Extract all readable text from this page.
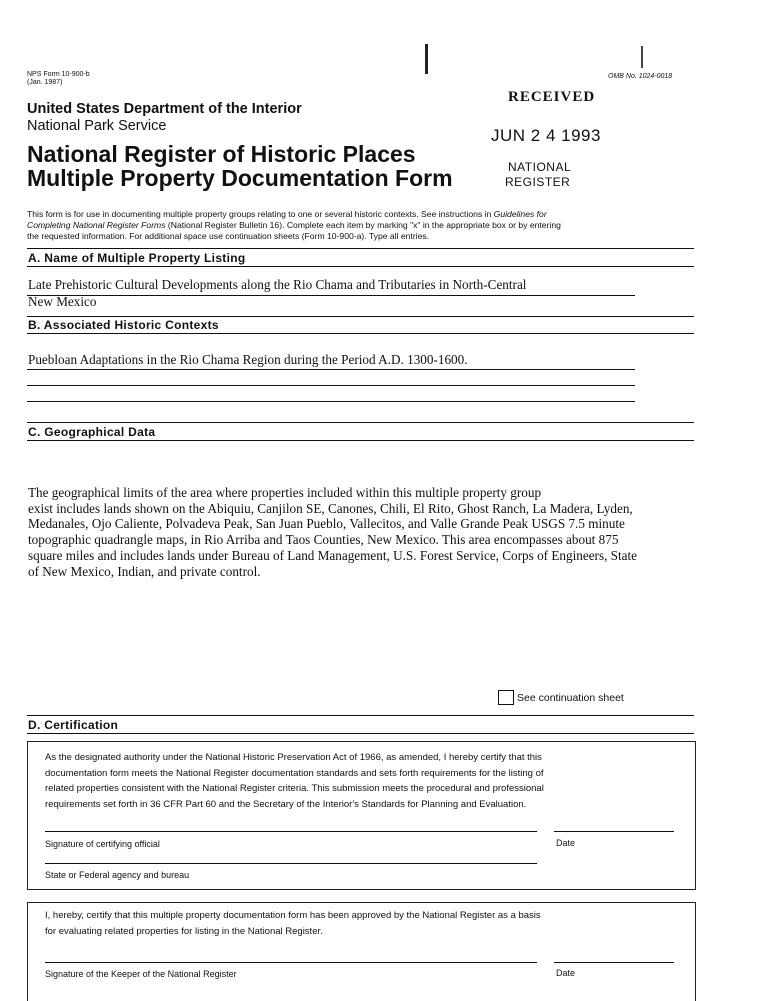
NPS Form 10-900-b
(Jan. 1987)
OMB No. 1024-0018
United States Department of the Interior
National Park Service
National Register of Historic Places
Multiple Property Documentation Form
RECEIVED
JUN 2 4 1993
NATIONAL
REGISTER
This form is for use in documenting multiple property groups relating to one or several historic contexts. See instructions in Guidelines for
Completing National Register Forms (National Register Bulletin 16). Complete each item by marking "x" in the appropriate box or by entering
the requested information. For additional space use continuation sheets (Form 10-900-a). Type all entries.
A. Name of Multiple Property Listing
Late Prehistoric Cultural Developments along the Rio Chama and Tributaries in North-Central
New Mexico
B. Associated Historic Contexts
Puebloan Adaptations in the Rio Chama Region during the Period A.D. 1300-1600.
C. Geographical Data
The geographical limits of the area where properties included within this multiple property group
exist includes lands shown on the Abiquiu, Canjilon SE, Canones, Chili, El Rito, Ghost Ranch, La Madera, Lyden,
Medanales, Ojo Caliente, Polvadeva Peak, San Juan Pueblo, Vallecitos, and Valle Grande Peak USGS 7.5 minute
topographic quadrangle maps, in Rio Arriba and Taos Counties, New Mexico. This area encompasses about 875
square miles and includes lands under Bureau of Land Management, U.S. Forest Service, Corps of Engineers, State
of New Mexico, Indian, and private control.
See continuation sheet
D. Certification
As the designated authority under the National Historic Preservation Act of 1966, as amended, I hereby certify that this
documentation form meets the National Register documentation standards and sets forth requirements for the listing of
related properties consistent with the National Register criteria. This submission meets the procedural and professional
requirements set forth in 36 CFR Part 60 and the Secretary of the Interior's Standards for Planning and Evaluation.
Signature of certifying official	Date
State or Federal agency and bureau
I, hereby, certify that this multiple property documentation form has been approved by the National Register as a basis
for evaluating related properties for listing in the National Register.
Signature of the Keeper of the National Register	Date
